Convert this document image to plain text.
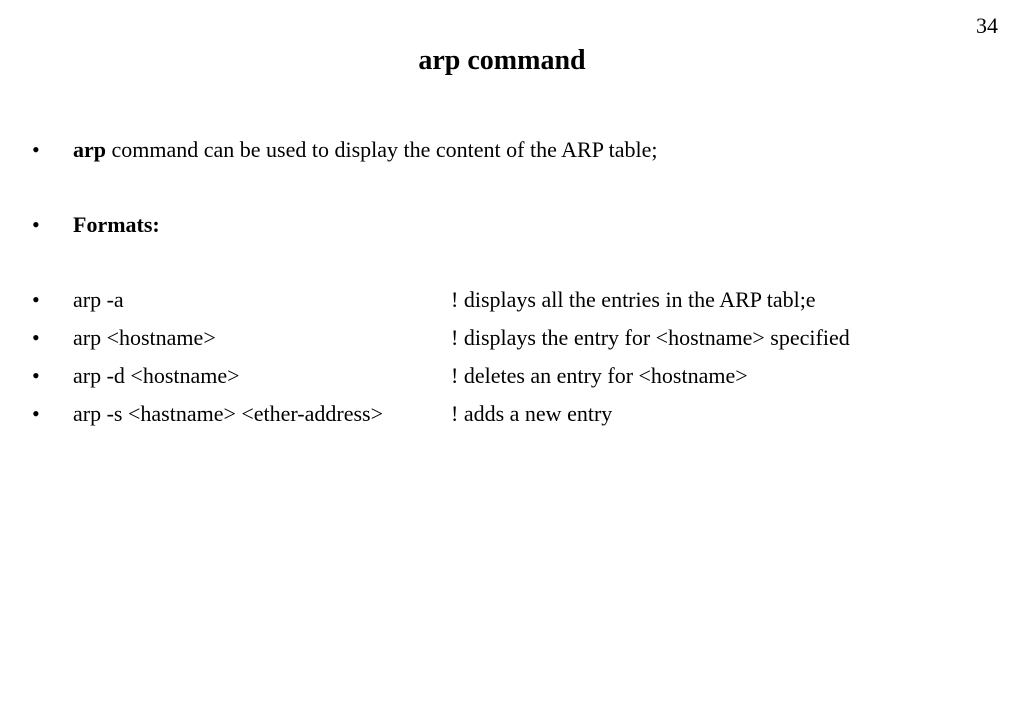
34
arp command
• arp command can be used to display the content of the ARP table;
• Formats:
• arp -a	! displays all the entries in the ARP tabl;e
• arp <hostname>	! displays the entry for <hostname> specified
• arp -d <hostname>	! deletes an entry for <hostname>
• arp -s <hastname> <ether-address>	! adds a new entry
